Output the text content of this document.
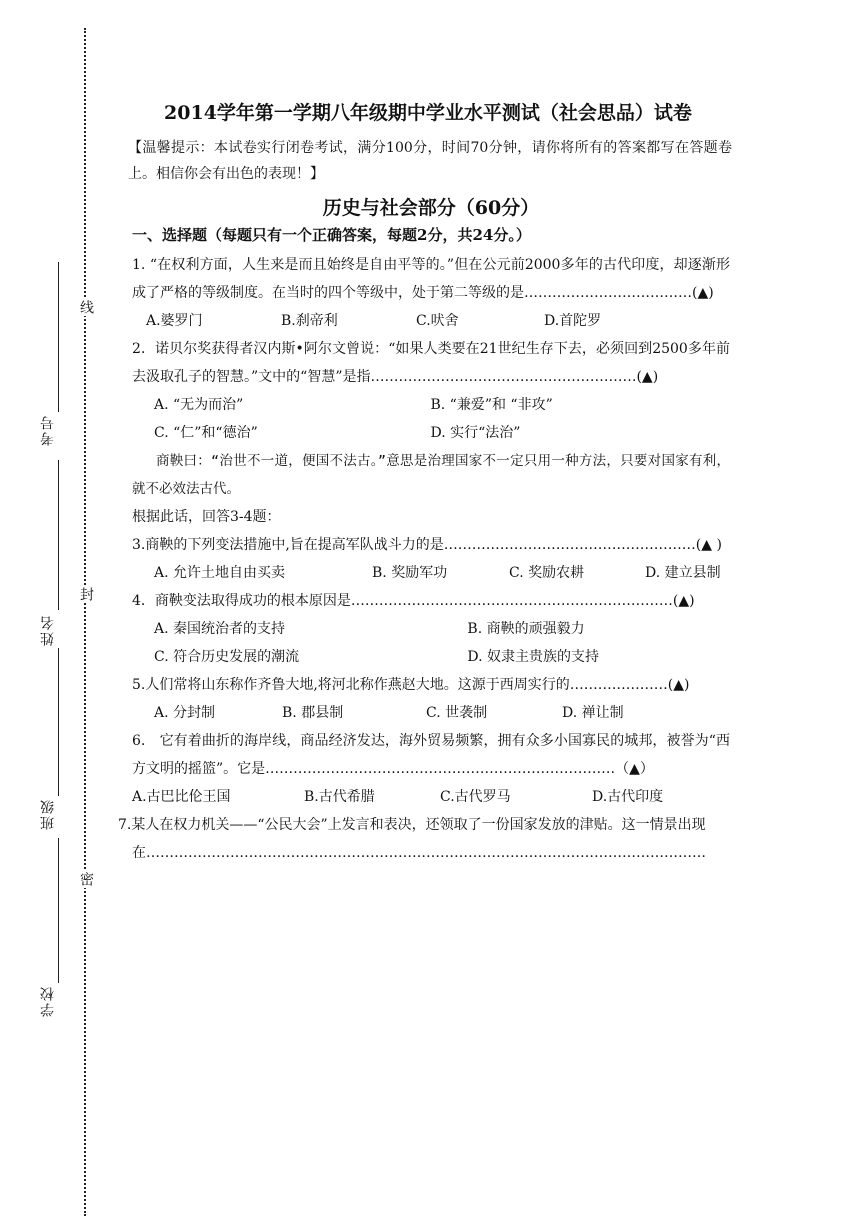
考号
姓名
班级
学校
线
封
密
2014学年第一学期八年级期中学业水平测试（社会思品）试卷
【温馨提示：本试卷实行闭卷考试，满分100分，时间70分钟，请你将所有的答案都写在答题卷上。相信你会有出色的表现！】
历史与社会部分（60分）
一、选择题（每题只有一个正确答案，每题2分，共24分。）

1. “在权利方面，人生来是而且始终是自由平等的。”但在公元前2000多年的古代印度，却逐渐形成了严格的等级制度。在当时的四个等级中，处于第二等级的是………………………………(▲)

A.婆罗门	B.刹帝利	C.吠舍	D.首陀罗

2．诺贝尔奖获得者汉内斯•阿尔文曾说：“如果人类要在21世纪生存下去，必须回到2500多年前去汲取孔子的智慧。”文中的“智慧”是指…………………………………………………(▲)

A. “无为而治”	B. “兼爱”和 “非攻”
C. “仁”和“德治”	D. 实行“法治”

商鞅曰：“治世不一道，便国不法古。”意思是治理国家不一定只用一种方法，只要对国家有利，就不必效法古代。

根据此话，回答3-4题：

3.商鞅的下列变法措施中,旨在提高军队战斗力的是………………………………………………(▲ )

A. 允许土地自由买卖	B. 奖励军功	C. 奖励农耕	D. 建立县制

4．商鞅变法取得成功的根本原因是……………………………………………………………(▲)

A. 秦国统治者的支持	B. 商鞅的顽强毅力
C. 符合历史发展的潮流	D. 奴隶主贵族的支持

5.人们常将山东称作齐鲁大地,将河北称作燕赵大地。这源于西周实行的…………………(▲)

A. 分封制	B. 郡县制	C. 世袭制	D. 禅让制

6． 它有着曲折的海岸线，商品经济发达，海外贸易频繁，拥有众多小国寡民的城邦，被誉为“西方文明的摇篮”。它是…………………………………………………………………（▲）

A.古巴比伦王国	B.古代希腊	C.古代罗马	D.古代印度

7.某人在权力机关——“公民大会”上发言和表决，还领取了一份国家发放的津贴。这一情景出现

在…………………………………………………………………………………………………………
